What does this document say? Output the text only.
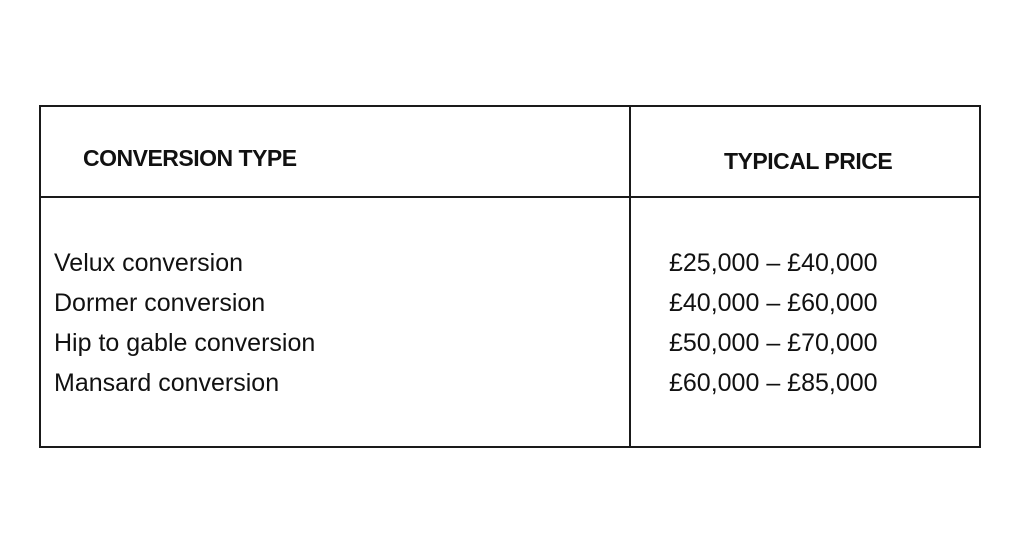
CONVERSION TYPE	TYPICAL PRICE
Velux conversion
Dormer conversion
Hip to gable conversion
Mansard conversion
£25,000 – £40,000
£40,000 – £60,000
£50,000 – £70,000
£60,000 – £85,000
